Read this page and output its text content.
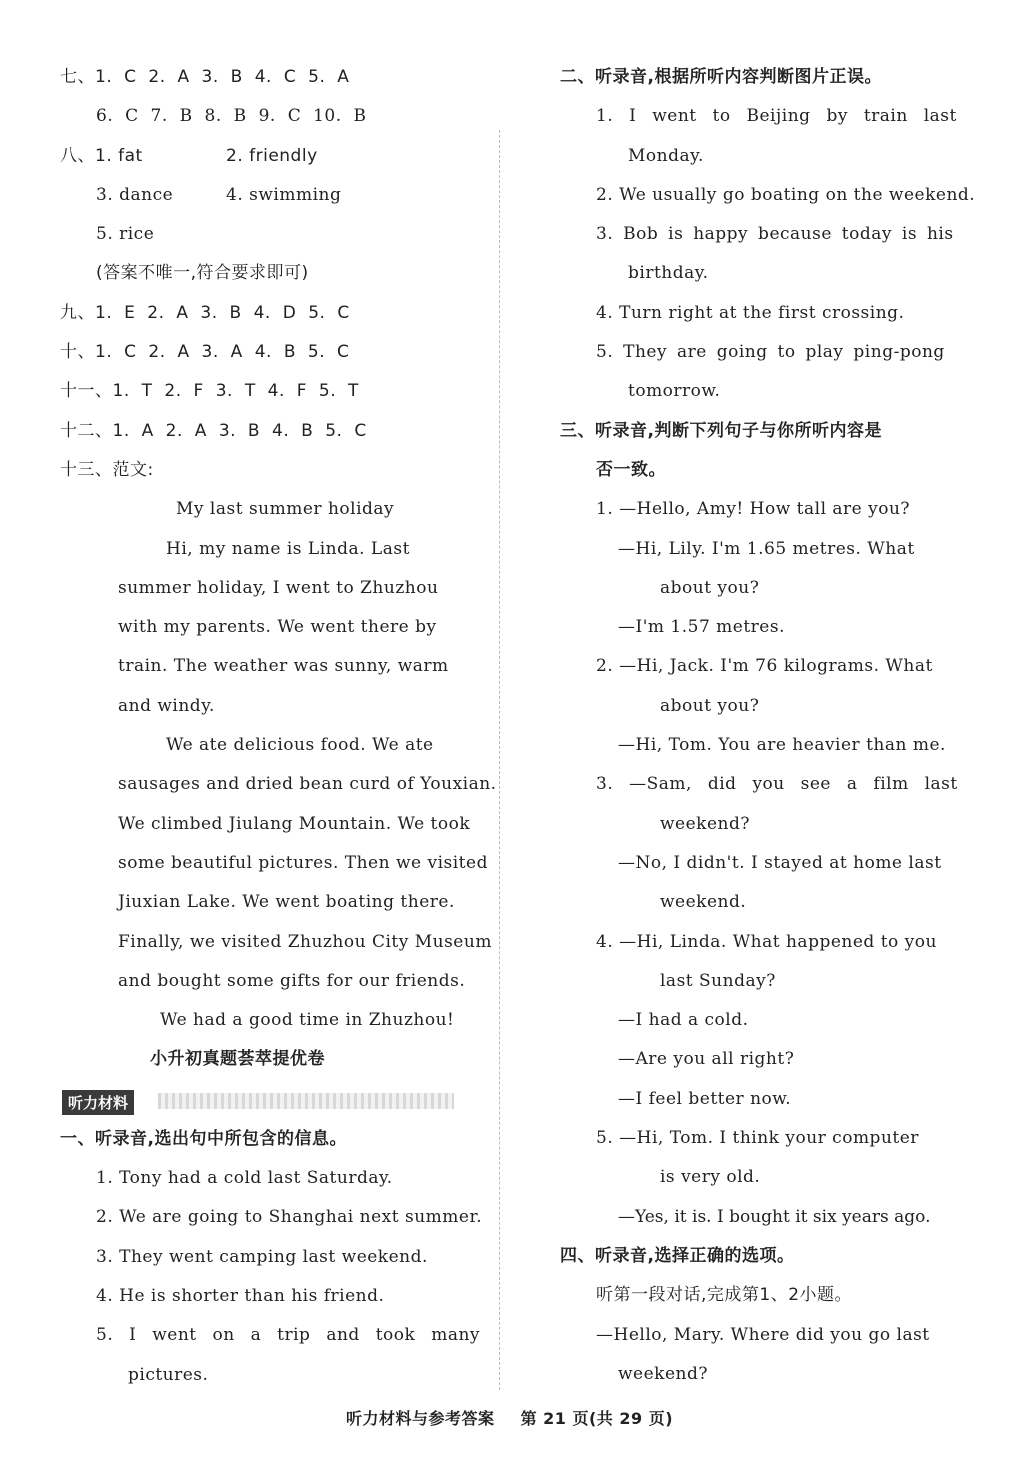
七、1. C 2. A 3. B 4. C 5. A
6. C 7. B 8. B 9. C 10. B
八、1. fat	2. friendly
3. dance	4. swimming
5. rice
(答案不唯一,符合要求即可)
九、1. E 2. A 3. B 4. D 5. C
十、1. C 2. A 3. A 4. B 5. C
十一、1. T 2. F 3. T 4. F 5. T
十二、1. A 2. A 3. B 4. B 5. C
十三、范文:
My last summer holiday
Hi, my name is Linda. Last
summer holiday, I went to Zhuzhou
with my parents. We went there by
train. The weather was sunny, warm
and windy.
We ate delicious food. We ate
sausages and dried bean curd of Youxian.
We climbed Jiulang Mountain. We took
some beautiful pictures. Then we visited
Jiuxian Lake. We went boating there.
Finally, we visited Zhuzhou City Museum
and bought some gifts for our friends.
We had a good time in Zhuzhou!
小升初真题荟萃提优卷
听力材料
一、听录音,选出句中所包含的信息。
1. Tony had a cold last Saturday.
2. We are going to Shanghai next summer.
3. They went camping last weekend.
4. He is shorter than his friend.
5. I went on a trip and took many
pictures.
二、听录音,根据所听内容判断图片正误。
1. I went to Beijing by train last
Monday.
2. We usually go boating on the weekend.
3. Bob is happy because today is his
birthday.
4. Turn right at the first crossing.
5. They are going to play ping-pong
tomorrow.
三、听录音,判断下列句子与你所听内容是
否一致。
1. —Hello, Amy! How tall are you?
—Hi, Lily. I'm 1.65 metres. What
about you?
—I'm 1.57 metres.
2. —Hi, Jack. I'm 76 kilograms. What
about you?
—Hi, Tom. You are heavier than me.
3. —Sam, did you see a film last
weekend?
—No, I didn't. I stayed at home last
weekend.
4. —Hi, Linda. What happened to you
last Sunday?
—I had a cold.
—Are you all right?
—I feel better now.
5. —Hi, Tom. I think your computer
is very old.
—Yes, it is. I bought it six years ago.
四、听录音,选择正确的选项。
听第一段对话,完成第1、2小题。
—Hello, Mary. Where did you go last
weekend?
听力材料与参考答案 第 21 页(共 29 页)
